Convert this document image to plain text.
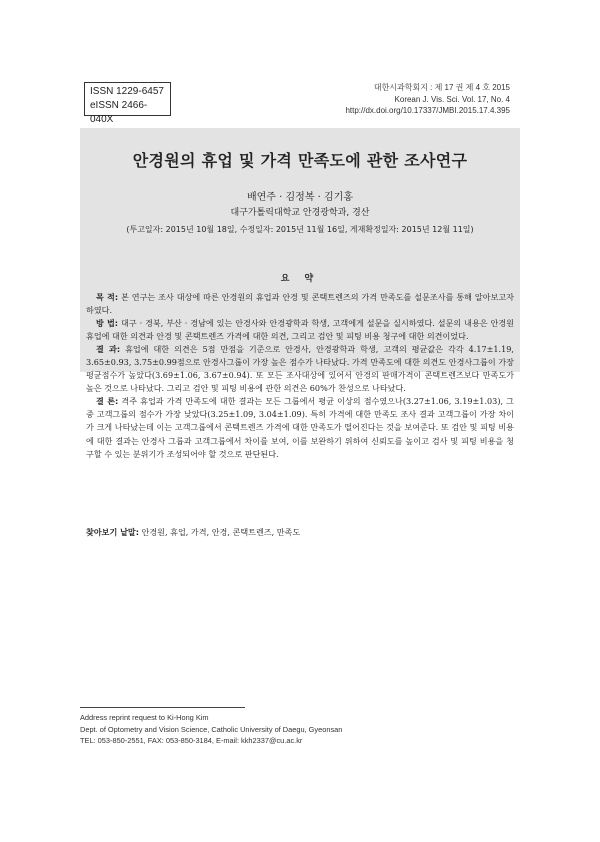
ISSN 1229-6457
eISSN 2466-040X
대한시과학회지 : 제 17 권 제 4 호 2015
Korean J. Vis. Sci. Vol. 17, No. 4
http://dx.doi.org/10.17337/JMBI.2015.17.4.395
안경원의 휴업 및 가격 만족도에 관한 조사연구
배연주 · 김정복 · 김기홍
대구가톨릭대학교 안경광학과, 경산
(투고일자: 2015년 10월 18일, 수정일자: 2015년 11월 16일, 게재확정일자: 2015년 12월 11일)
요 약

목 적: 본 연구는 조사 대상에 따른 안경원의 휴업과 안경 및 콘택트렌즈의 가격 만족도를 설문조사를 통해 알아보고자 하였다.

방 법: 대구 · 경북, 부산 · 경남에 있는 안경사와 안경광학과 학생, 고객에게 설문을 실시하였다. 설문의 내용은 안경원 휴업에 대한 의견과 안경 및 콘택트렌즈 가격에 대한 의견, 그리고 검안 및 피팅 비용 청구에 대한 의견이었다.

결 과: 휴업에 대한 의견은 5점 만점을 기준으로 안경사, 안경광학과 학생, 고객의 평균값은 각각 4.17±1.19, 3.65±0.93, 3.75±0.99점으로 안경사그룹이 가장 높은 점수가 나타났다. 가격 만족도에 대한 의견도 안경사그룹이 가장 평균점수가 높았다(3.69±1.06, 3.67±0.94). 또 모든 조사대상에 있어서 안경의 판매가격이 콘택트렌즈보다 만족도가 높은 것으로 나타났다. 그리고 검안 및 피팅 비용에 관한 의견은 60%가 찬성으로 나타났다.

결 론: 격주 휴업과 가격 만족도에 대한 결과는 모든 그룹에서 평균 이상의 점수였으나(3.27±1.06, 3.19±1.03), 그 중 고객그룹의 점수가 가장 낮았다(3.25±1.09, 3.04±1.09). 특히 가격에 대한 만족도 조사 결과 고객그룹이 가장 차이가 크게 나타났는데 이는 고객그룹에서 콘택트렌즈 가격에 대한 만족도가 떨어진다는 것을 보여준다. 또 검안 및 피팅 비용에 대한 결과는 안경사 그룹과 고객그룹에서 차이를 보여, 이를 보완하기 위하여 신뢰도를 높이고 검사 및 피팅 비용을 청구할 수 있는 분위기가 조성되어야 할 것으로 판단된다.

찾아보기 낱말: 안경원, 휴업, 가격, 안경, 콘택트렌즈, 만족도
Address reprint request to Ki-Hong Kim
Dept. of Optometry and Vision Science, Catholic University of Daegu, Gyeonsan
TEL: 053-850-2551, FAX: 053-850-3184, E-mail: kkh2337@cu.ac.kr
